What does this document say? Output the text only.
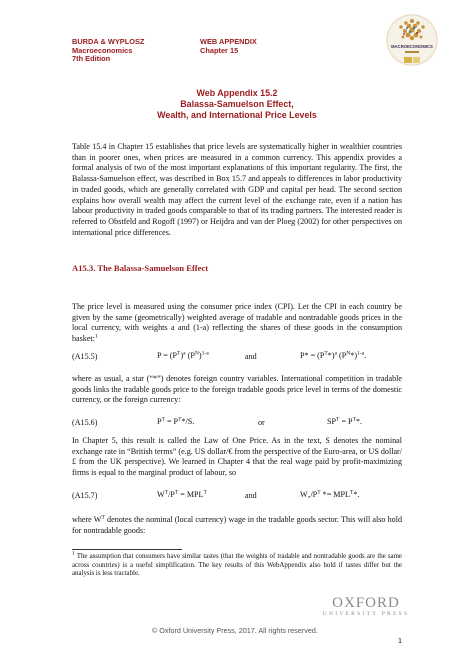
BURDA & WYPLOSZ
Macroeconomics
7th Edition
WEB APPENDIX
Chapter 15	MACROECONOMICS
Web Appendix 15.2
Balassa-Samuelson Effect,
Wealth, and International Price Levels
Table 15.4 in Chapter 15 establishes that price levels are systematically higher in wealthier countries than in poorer ones, when prices are measured in a common currency. This appendix provides a formal analysis of two of the most important explanations of this important regularity. The first, the Balassa-Samuelson effect, was described in Box 15.7 and appeals to differences in labor productivity in traded goods, which are generally correlated with GDP and capital per head. The second section explains how overall wealth may affect the current level of the exchange rate, even if a nation has labour productivity in traded goods comparable to that of its trading partners. The interested reader is referred to Obstfeld and Rogoff (1997) or Heijdra and van der Ploeg (2002) for other perspectives on international price differences.
A15.3. The Balassa-Samuelson Effect
The price level is measured using the consumer price index (CPI). Let the CPI in each country be given by the same (geometrically) weighted average of tradable and nontradable goods prices in the local currency, with weights a and (1-a) reflecting the shares of these goods in the consumption basket:$^1$
(A15.5)	$P = (P^T)^a$ $(P^N)^{1-a}$	and	$P* = (P^T*)^a$ $(P^N*)^{1-a}$.
where as usual, a star (“*”) denotes foreign country variables. International competition in tradable goods links the tradable goods price to the foreign tradable goods price level in terms of the domestic currency, or the foreign currency:
(A15.6)	$P^T = P^T*/S$.	or	$SP^T = P^T*$.
In Chapter 5, this result is called the Law of One Price. As in the text, S denotes the nominal exchange rate in “British terms” (e.g. US dollar/€ from the perspective of the Euro-area, or US dollar/£ from the UK perspective). We learned in Chapter 4 that the real wage paid by profit-maximizing firms is equal to the marginal product of labour, so
(A15.7)	$W^T/P^T = MPL^T$	and	$W_*/P^T *= MPL^T*$.
where $W^T$ denotes the nominal (local currency) wage in the tradable goods sector. This will also hold for nontradable goods:
$^1$ The assumption that consumers have similar tastes (that the weights of tradable and nontradable goods are the same across countries) is a useful simplification. The key results of this WebAppendix also hold if tastes differ but the analysis is less tractable.
OXFORD
UNIVERSITY PRESS
© Oxford University Press, 2017. All rights reserved.
1
